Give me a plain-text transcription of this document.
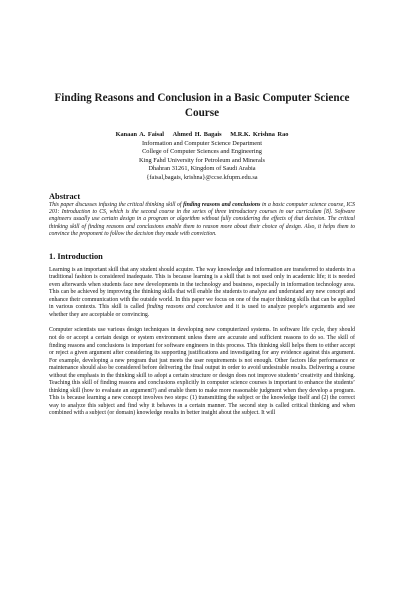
Finding Reasons and Conclusion in a Basic Computer Science Course
Kanaan A. Faisal Ahmed H. Bagais M.R.K. Krishna Rao
Information and Computer Science Department
College of Computer Sciences and Engineering
King Fahd University for Petroleum and Minerals
Dhahran 31261, Kingdom of Saudi Arabia
{faisal,bagais, krishna}@ccse.kfupm.edu.sa
Abstract
This paper discusses infusing the critical thinking skill of finding reasons and conclusions in a basic computer science course, ICS 201: Introduction to CS, which is the second course in the series of three introductory courses in our curriculum [8]. Software engineers usually use certain design in a program or algorithm without fully considering the effects of that decision. The critical thinking skill of finding reasons and conclusions enable them to reason more about their choice of design. Also, it helps them to convince the proponent to follow the decision they made with conviction.
1. Introduction
Learning is an important skill that any student should acquire. The way knowledge and information are transferred to students in a traditional fashion is considered inadequate. This is because learning is a skill that is not used only in academic life; it is needed even afterwards when students face new developments in the technology and business, especially in information technology area. This can be achieved by improving the thinking skills that will enable the students to analyze and understand any new concept and enhance their communication with the outside world. In this paper we focus on one of the major thinking skills that can be applied in various contexts. This skill is called finding reasons and conclusion and it is used to analyze people’s arguments and see whether they are acceptable or convincing.
Computer scientists use various design techniques in developing new computerized systems. In software life cycle, they should not do or accept a certain design or system environment unless there are accurate and sufficient reasons to do so. The skill of finding reasons and conclusions is important for software engineers in this process. This thinking skill helps them to either accept or reject a given argument after considering its supporting justifications and investigating for any evidence against this argument. For example, developing a new program that just meets the user requirements is not enough. Other factors like performance or maintenance should also be considered before delivering the final output in order to avoid undesirable results. Delivering a course without the emphasis in the thinking skill to adopt a certain structure or design does not improve students’ creativity and thinking. Teaching this skill of finding reasons and conclusions explicitly in computer science courses is important to enhance the students’ thinking skill (how to evaluate an argument?) and enable them to make more reasonable judgment when they develop a program. This is because learning a new concept involves two steps: (1) transmitting the subject or the knowledge itself and (2) the correct way to analyze this subject and find why it behaves in a certain manner. The second step is called critical thinking and when combined with a subject (or domain) knowledge results in better insight about the subject. It will
